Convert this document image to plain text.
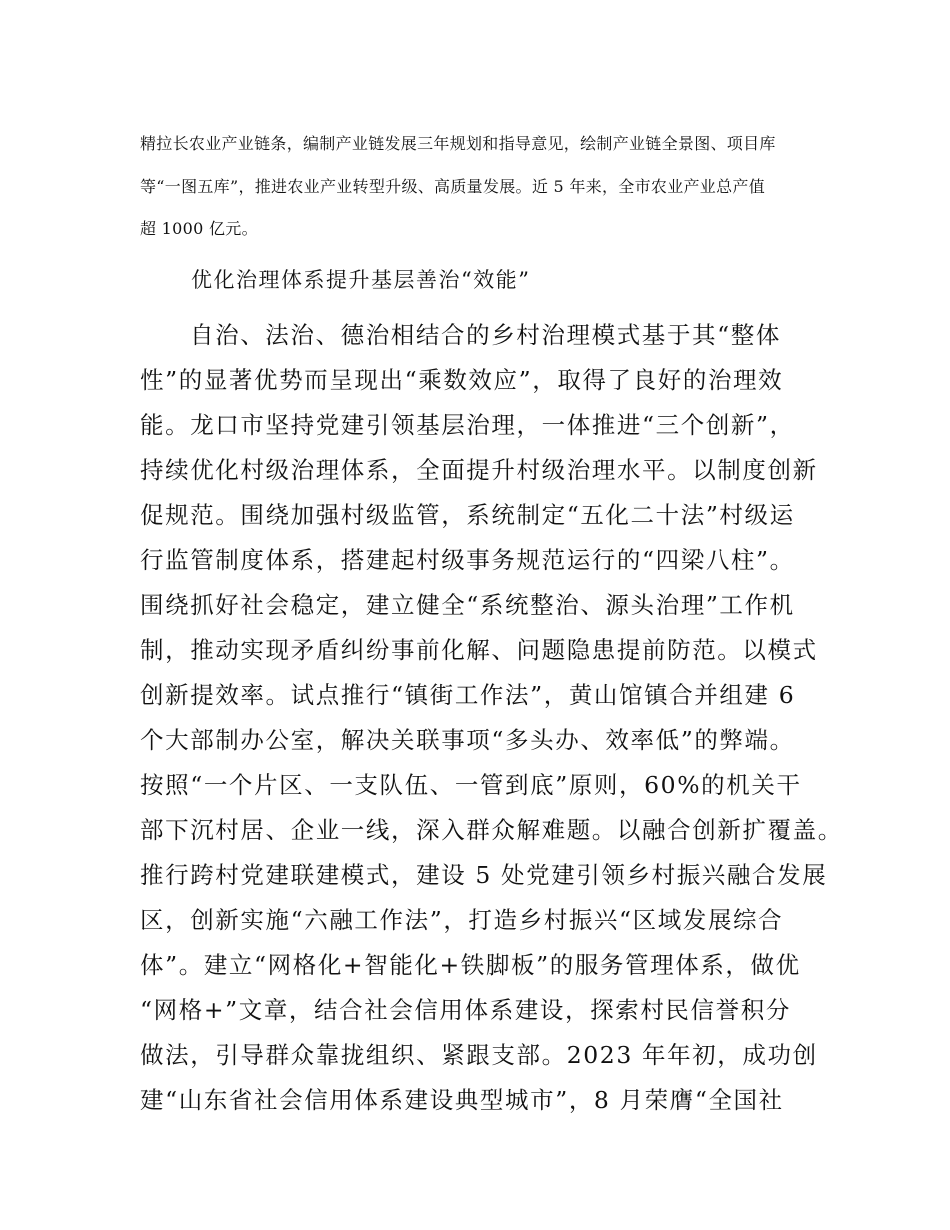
精拉长农业产业链条，编制产业链发展三年规划和指导意见，绘制产业链全景图、项目库
等“一图五库”，推进农业产业转型升级、高质量发展。近 5 年来，全市农业产业总产值
超 1000 亿元。
优化治理体系提升基层善治“效能”
自治、法治、德治相结合的乡村治理模式基于其“整体
性”的显著优势而呈现出“乘数效应”，取得了良好的治理效
能。龙口市坚持党建引领基层治理，一体推进“三个创新”，
持续优化村级治理体系，全面提升村级治理水平。以制度创新
促规范。围绕加强村级监管，系统制定“五化二十法”村级运
行监管制度体系，搭建起村级事务规范运行的“四梁八柱”。
围绕抓好社会稳定，建立健全“系统整治、源头治理”工作机
制，推动实现矛盾纠纷事前化解、问题隐患提前防范。以模式
创新提效率。试点推行“镇街工作法”，黄山馆镇合并组建 6
个大部制办公室，解决关联事项“多头办、效率低”的弊端。
按照“一个片区、一支队伍、一管到底”原则，60%的机关干
部下沉村居、企业一线，深入群众解难题。以融合创新扩覆盖。
推行跨村党建联建模式，建设 5 处党建引领乡村振兴融合发展
区，创新实施“六融工作法”，打造乡村振兴“区域发展综合
体”。建立“网格化+智能化+铁脚板”的服务管理体系，做优
“网格+”文章，结合社会信用体系建设，探索村民信誉积分
做法，引导群众靠拢组织、紧跟支部。2023 年年初，成功创
建“山东省社会信用体系建设典型城市”，8 月荣膺“全国社
